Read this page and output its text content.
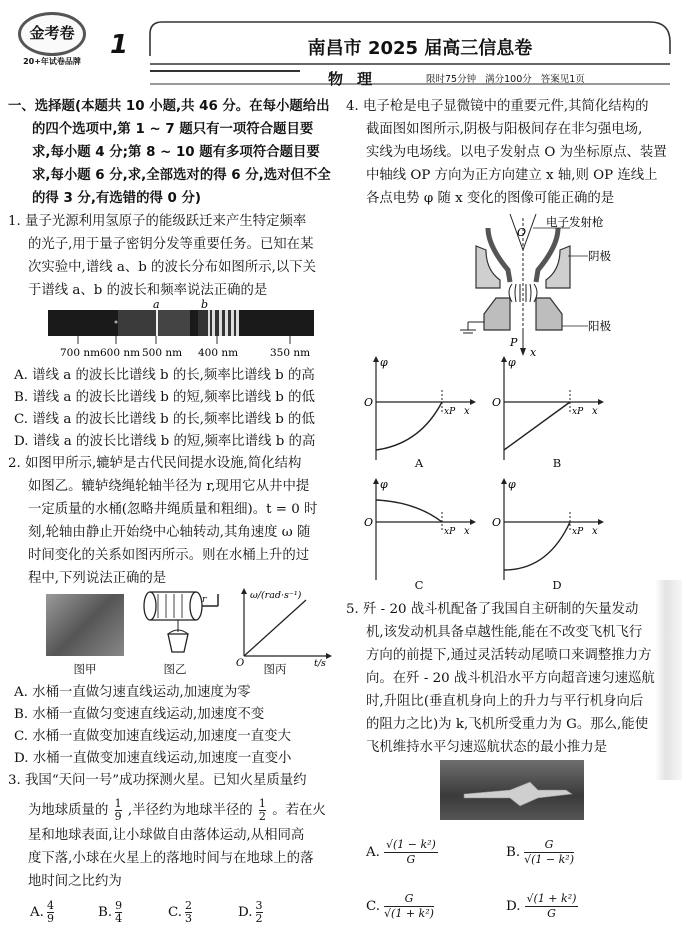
金考卷
20+年试卷品牌
1	南昌市 2025 届高三信息卷
物理	限时75分钟 满分100分 答案见1页
一、选择题(本题共 10 小题,共 46 分。在每小题给出
的四个选项中,第 1 ~ 7 题只有一项符合题目要
求,每小题 4 分;第 8 ~ 10 题有多项符合题目要
求,每小题 6 分,求,全部选对的得 6 分,选对但不全
的得 3 分,有选错的得 0 分)
1. 量子光源利用氢原子的能级跃迁来产生特定频率
的光子,用于量子密钥分发等重要任务。已知在某
次实验中,谱线 a、b 的波长分布如图所示,以下关
于谱线 a、b 的波长和频率说法正确的是
a	b
700 nm 600 nm 500 nm 400 nm	350 nm
A. 谱线 a 的波长比谱线 b 的长,频率比谱线 b 的高
B. 谱线 a 的波长比谱线 b 的短,频率比谱线 b 的低
C. 谱线 a 的波长比谱线 b 的长,频率比谱线 b 的低
D. 谱线 a 的波长比谱线 b 的短,频率比谱线 b 的高
2. 如图甲所示,辘轳是古代民间提水设施,简化结构
如图乙。辘轳绕绳轮轴半径为 r,现用它从井中提
一定质量的水桶(忽略井绳质量和粗细)。t = 0 时
刻,轮轴由静止开始绕中心轴转动,其角速度 ω 随
时间变化的关系如图丙所示。则在水桶上升的过
程中,下列说法正确的是
r	ω/(rad·s⁻¹)
O	t/s
图甲	图乙	图丙
A. 水桶一直做匀速直线运动,加速度为零
B. 水桶一直做匀变速直线运动,加速度不变
C. 水桶一直做变加速直线运动,加速度一直变大
D. 水桶一直做变加速直线运动,加速度一直变小
3. 我国“天问一号”成功探测火星。已知火星质量约
为地球质量的 $\frac{1}{9}$ ,半径约为地球半径的 $\frac{1}{2}$ 。若在火
星和地球表面,让小球做自由落体运动,从相同高
度下落,小球在火星上的落地时间与在地球上的落
地时间之比约为
A. $\frac{4}{9}$	B. $\frac{9}{4}$	C. $\frac{2}{3}$	D. $\frac{3}{2}$
4. 电子枪是电子显微镜中的重要元件,其简化结构的
截面图如图所示,阴极与阳极间存在非匀强电场,
实线为电场线。以电子发射点 O 为坐标原点、装置
中轴线 OP 方向为正方向建立 x 轴,则 OP 连线上
各点电势 φ 随 x 变化的图像可能正确的是
O
P
x
电子发射枪
阴极
阳极
φ
O
x
xP
A
φ
O
x
xP
B
φ
O
x
xP
C
φ
O
x
xP
D
5. 歼 - 20 战斗机配备了我国自主研制的矢量发动
机,该发动机具备卓越性能,能在不改变飞机飞行
方向的前提下,通过灵活转动尾喷口来调整推力方
向。在歼 - 20 战斗机沿水平方向超音速匀速巡航
时,升阻比(垂直机身向上的升力与平行机身向后
的阻力之比)为 k,飞机所受重力为 G。那么,能使
飞机维持水平匀速巡航状态的最小推力是
A. $\frac{\text{√(1 − k²)}}{G}$	B. $\frac{G}{\text{√(1 − k²)}}$
C. $\frac{G}{\text{√(1 + k²)}}$	D. $\frac{\text{√(1 + k²)}}{G}$
